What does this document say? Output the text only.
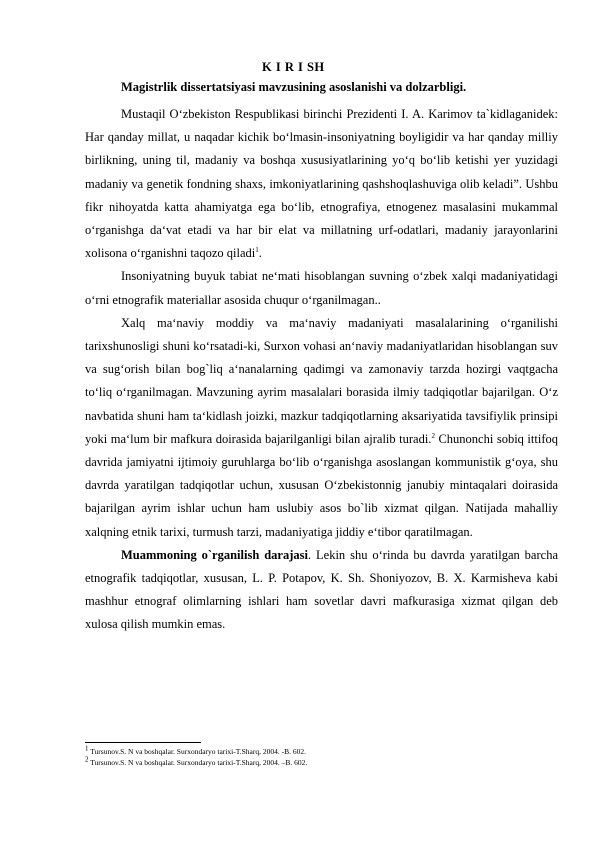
K I R I SH
Magistrlik dissertatsiyasi mavzusining asoslanishi va dolzarbligi.

Mustaqil O‘zbekiston Respublikasi birinchi Prezidenti I. A. Karimov ta`kidlaganidek: Har qanday millat, u naqadar kichik bo‘lmasin-insoniyatning boyligidir va har qanday milliy birlikning, uning til, madaniy va boshqa xususiyatlarining yo‘q bo‘lib ketishi yer yuzidagi madaniy va genetik fondning shaxs, imkoniyatlarining qashshoqlashuviga olib keladi”. Ushbu fikr nihoyatda katta ahamiyatga ega bo‘lib, etnografiya, etnogenez masalasini mukammal o‘rganishga da‘vat etadi va har bir elat va millatning urf-odatlari, madaniy jarayonlarini xolisona o‘rganishni taqozo qiladi$^1$.

Insoniyatning buyuk tabiat ne‘mati hisoblangan suvning o‘zbek xalqi madaniyatidagi o‘rni etnografik materiallar asosida chuqur o‘rganilmagan..

Xalq ma‘naviy moddiy va ma‘naviy madaniyati masalalarining o‘rganilishi tarixshunosligi shuni ko‘rsatadi-ki, Surxon vohasi an‘naviy madaniyatlaridan hisoblangan suv va sug‘orish bilan bog`liq a‘nanalarning qadimgi va zamonaviy tarzda hozirgi vaqtgacha to‘liq o‘rganilmagan. Mavzuning ayrim masalalari borasida ilmiy tadqiqotlar bajarilgan. O‘z navbatida shuni ham ta‘kidlash joizki, mazkur tadqiqotlarning aksariyatida tavsifiylik prinsipi yoki ma‘lum bir mafkura doirasida bajarilganligi bilan ajralib turadi.$^2$ Chunonchi sobiq ittifoq davrida jamiyatni ijtimoiy guruhlarga bo‘lib o‘rganishga asoslangan kommunistik g‘oya, shu davrda yaratilgan tadqiqotlar uchun, xususan O‘zbekistonnig janubiy mintaqalari doirasida bajarilgan ayrim ishlar uchun ham uslubiy asos bo`lib xizmat qilgan. Natijada mahalliy xalqning etnik tarixi, turmush tarzi, madaniyatiga jiddiy e‘tibor qaratilmagan.

Muammoning o`rganilish darajasi. Lekin shu o‘rinda bu davrda yaratilgan barcha etnografik tadqiqotlar, xususan, L. P. Potapov, K. Sh. Shoniyozov, B. X. Karmisheva kabi mashhur etnograf olimlarning ishlari ham sovetlar davri mafkurasiga xizmat qilgan deb xulosa qilish mumkin emas.

$^1$ Tursunov.S. N va boshqalar. Surxondaryo tarixi-T.Sharq, 2004. -B. 602.
$^2$ Tursunov.S. N va boshqalar. Surxondaryo tarixi-T.Sharq, 2004. –B. 602.
